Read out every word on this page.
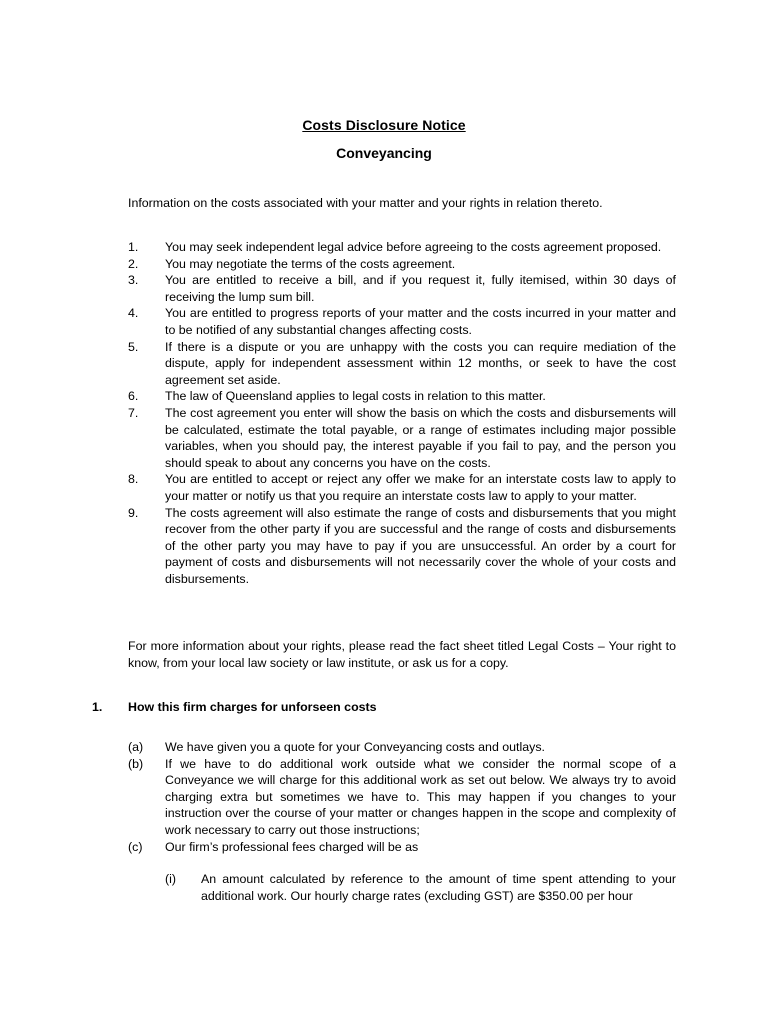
Costs Disclosure Notice
Conveyancing
Information on the costs associated with your matter and your rights in relation thereto.
1.	You may seek independent legal advice before agreeing to the costs agreement proposed.
2.	You may negotiate the terms of the costs agreement.
3.	You are entitled to receive a bill, and if you request it, fully itemised, within 30 days of receiving the lump sum bill.
4.	You are entitled to progress reports of your matter and the costs incurred in your matter and to be notified of any substantial changes affecting costs.
5.	If there is a dispute or you are unhappy with the costs you can require mediation of the dispute, apply for independent assessment within 12 months, or seek to have the cost agreement set aside.
6.	The law of Queensland applies to legal costs in relation to this matter.
7.	The cost agreement you enter will show the basis on which the costs and disbursements will be calculated, estimate the total payable, or a range of estimates including major possible variables, when you should pay, the interest payable if you fail to pay, and the person you should speak to about any concerns you have on the costs.
8.	You are entitled to accept or reject any offer we make for an interstate costs law to apply to your matter or notify us that you require an interstate costs law to apply to your matter.
9.	The costs agreement will also estimate the range of costs and disbursements that you might recover from the other party if you are successful and the range of costs and disbursements of the other party you may have to pay if you are unsuccessful. An order by a court for payment of costs and disbursements will not necessarily cover the whole of your costs and disbursements.
For more information about your rights, please read the fact sheet titled Legal Costs – Your right to know, from your local law society or law institute, or ask us for a copy.
1.	How this firm charges for unforseen costs
(a)	We have given you a quote for your Conveyancing costs and outlays.
(b)	If we have to do additional work outside what we consider the normal scope of a Conveyance we will charge for this additional work as set out below. We always try to avoid charging extra but sometimes we have to. This may happen if you changes to your instruction over the course of your matter or changes happen in the scope and complexity of work necessary to carry out those instructions;
(c)	Our firm’s professional fees charged will be as
(i)	An amount calculated by reference to the amount of time spent attending to your additional work. Our hourly charge rates (excluding GST) are $350.00 per hour
